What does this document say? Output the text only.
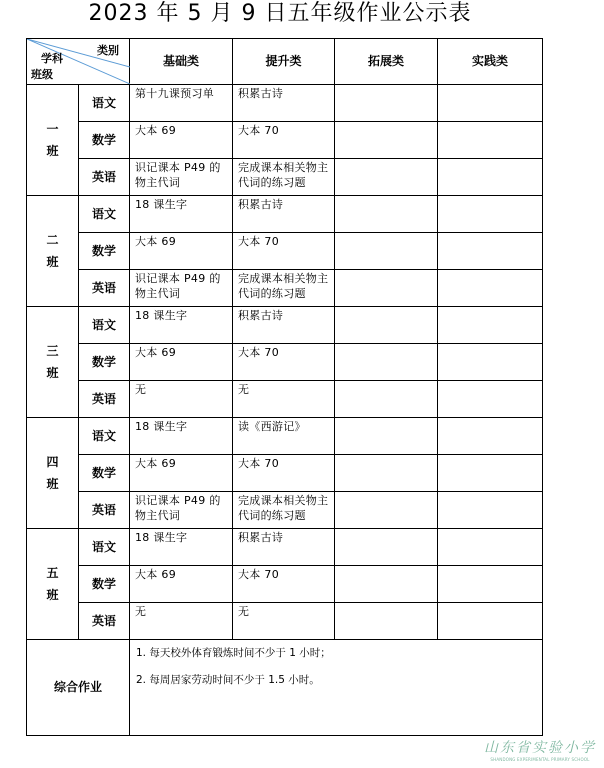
2023 年 5 月 9 日五年级作业公示表
类别
学科
班级		基础类	提升类	拓展类	实践类
一
班	语文	第十九课预习单	积累古诗		
	数学	大本 69	大本 70		
	英语	识记课本 P49 的物主代词	完成课本相关物主代词的练习题		
二
班	语文	18 课生字	积累古诗		
	数学	大本 69	大本 70		
	英语	识记课本 P49 的物主代词	完成课本相关物主代词的练习题		
三
班	语文	18 课生字	积累古诗		
	数学	大本 69	大本 70		
	英语	无	无		
四
班	语文	18 课生字	读《西游记》		
	数学	大本 69	大本 70		
	英语	识记课本 P49 的物主代词	完成课本相关物主代词的练习题		
五
班	语文	18 课生字	积累古诗		
	数学	大本 69	大本 70		
	英语	无	无		
综合作业		1. 每天校外体育锻炼时间不少于 1 小时；

2. 每周居家劳动时间不少于 1.5 小时。			

山东省实验小学
SHANDONG EXPERIMENTAL PRIMARY SCHOOL
